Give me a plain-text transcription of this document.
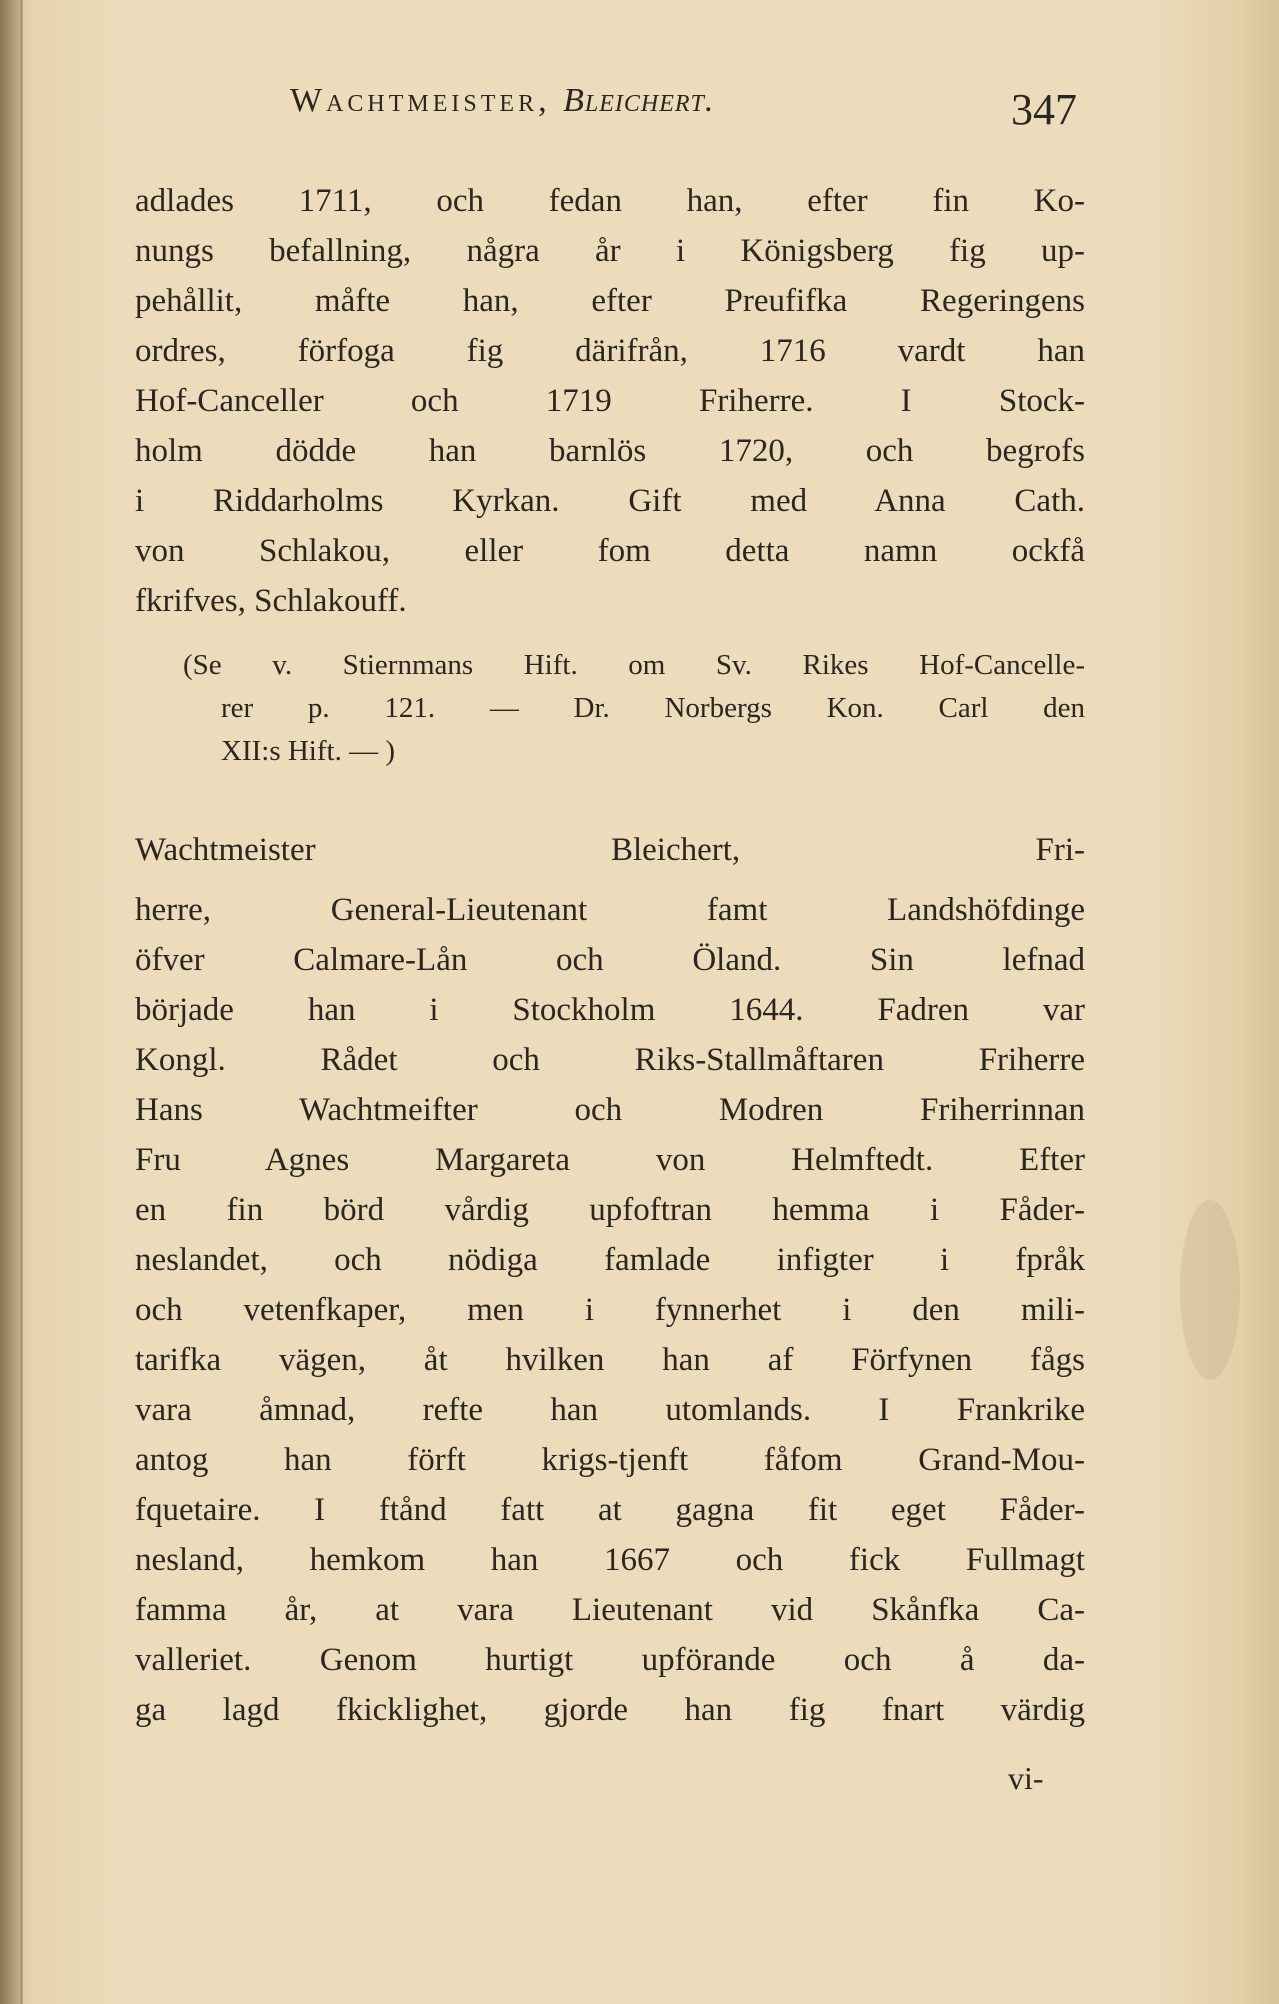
Wachtmeister, Bleichert.	347
adlades 1711, och fedan han, efter fin Ko-
nungs befallning, några år i Königsberg fig up-
pehållit, måfte han, efter Preufifka Regeringens
ordres, förfoga fig därifrån, 1716 vardt han
Hof-Canceller och 1719 Friherre. I Stock-
holm dödde han barnlös 1720, och begrofs
i Riddarholms Kyrkan. Gift med Anna Cath.
von Schlakou, eller fom detta namn ockfå
fkrifves, Schlakouff.
(Se v. Stiernmans Hift. om Sv. Rikes Hof-Cancelle-
rer p. 121. — Dr. Norbergs Kon. Carl den
XII:s Hift. — )
Wachtmeister Bleichert, Fri-
herre, General-Lieutenant famt Landshöfdinge
öfver Calmare-Lån och Öland. Sin lefnad
började han i Stockholm 1644. Fadren var
Kongl. Rådet och Riks-Stallmåftaren Friherre
Hans Wachtmeifter och Modren Friherrinnan
Fru Agnes Margareta von Helmftedt. Efter
en fin börd vårdig upfoftran hemma i Fåder-
neslandet, och nödiga famlade infigter i fpråk
och vetenfkaper, men i fynnerhet i den mili-
tarifka vägen, åt hvilken han af Förfynen fågs
vara åmnad, refte han utomlands. I Frankrike
antog han förft krigs-tjenft fåfom Grand-Mou-
fquetaire. I ftånd fatt at gagna fit eget Fåder-
nesland, hemkom han 1667 och fick Fullmagt
famma år, at vara Lieutenant vid Skånfka Ca-
valleriet. Genom hurtigt upförande och å da-
ga lagd fkicklighet, gjorde han fig fnart värdig
vi-
